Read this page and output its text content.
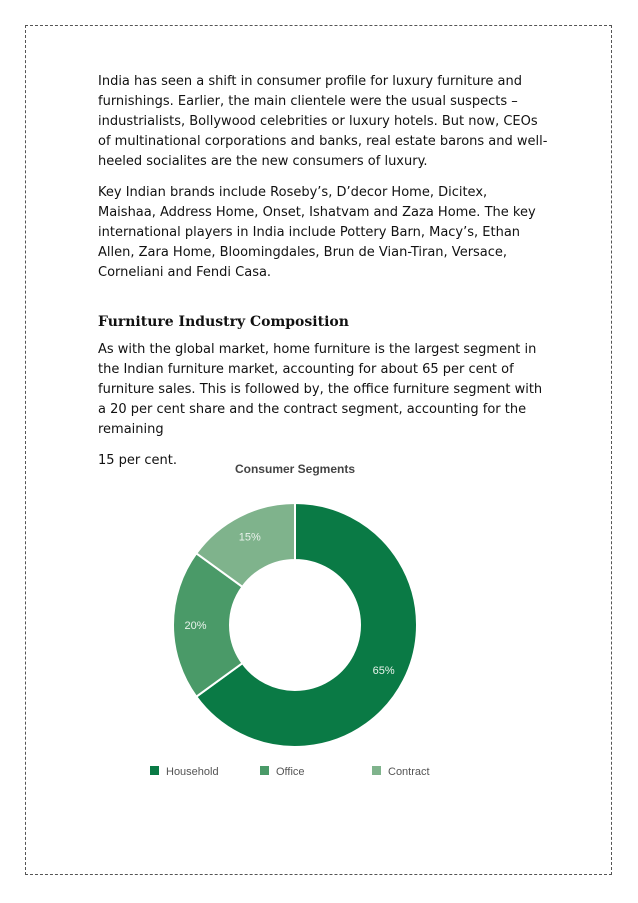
India has seen a shift in consumer profile for luxury furniture and furnishings. Earlier, the main clientele were the usual suspects – industrialists, Bollywood celebrities or luxury hotels. But now, CEOs of multinational corporations and banks, real estate barons and well-heeled socialites are the new consumers of luxury.

Key Indian brands include Roseby’s, D’decor Home, Dicitex, Maishaa, Address Home, Onset, Ishatvam and Zaza Home. The key international players in India include Pottery Barn, Macy’s, Ethan Allen, Zara Home, Bloomingdales, Brun de Vian-Tiran, Versace, Corneliani and Fendi Casa.

Furniture Industry Composition

As with the global market, home furniture is the largest segment in the Indian furniture market, accounting for about 65 per cent of furniture sales. This is followed by, the office furniture segment with a 20 per cent share and the contract segment, accounting for the remaining

15 per cent.

Consumer Segments
65%
20%
15%
Household	Office	Contract
